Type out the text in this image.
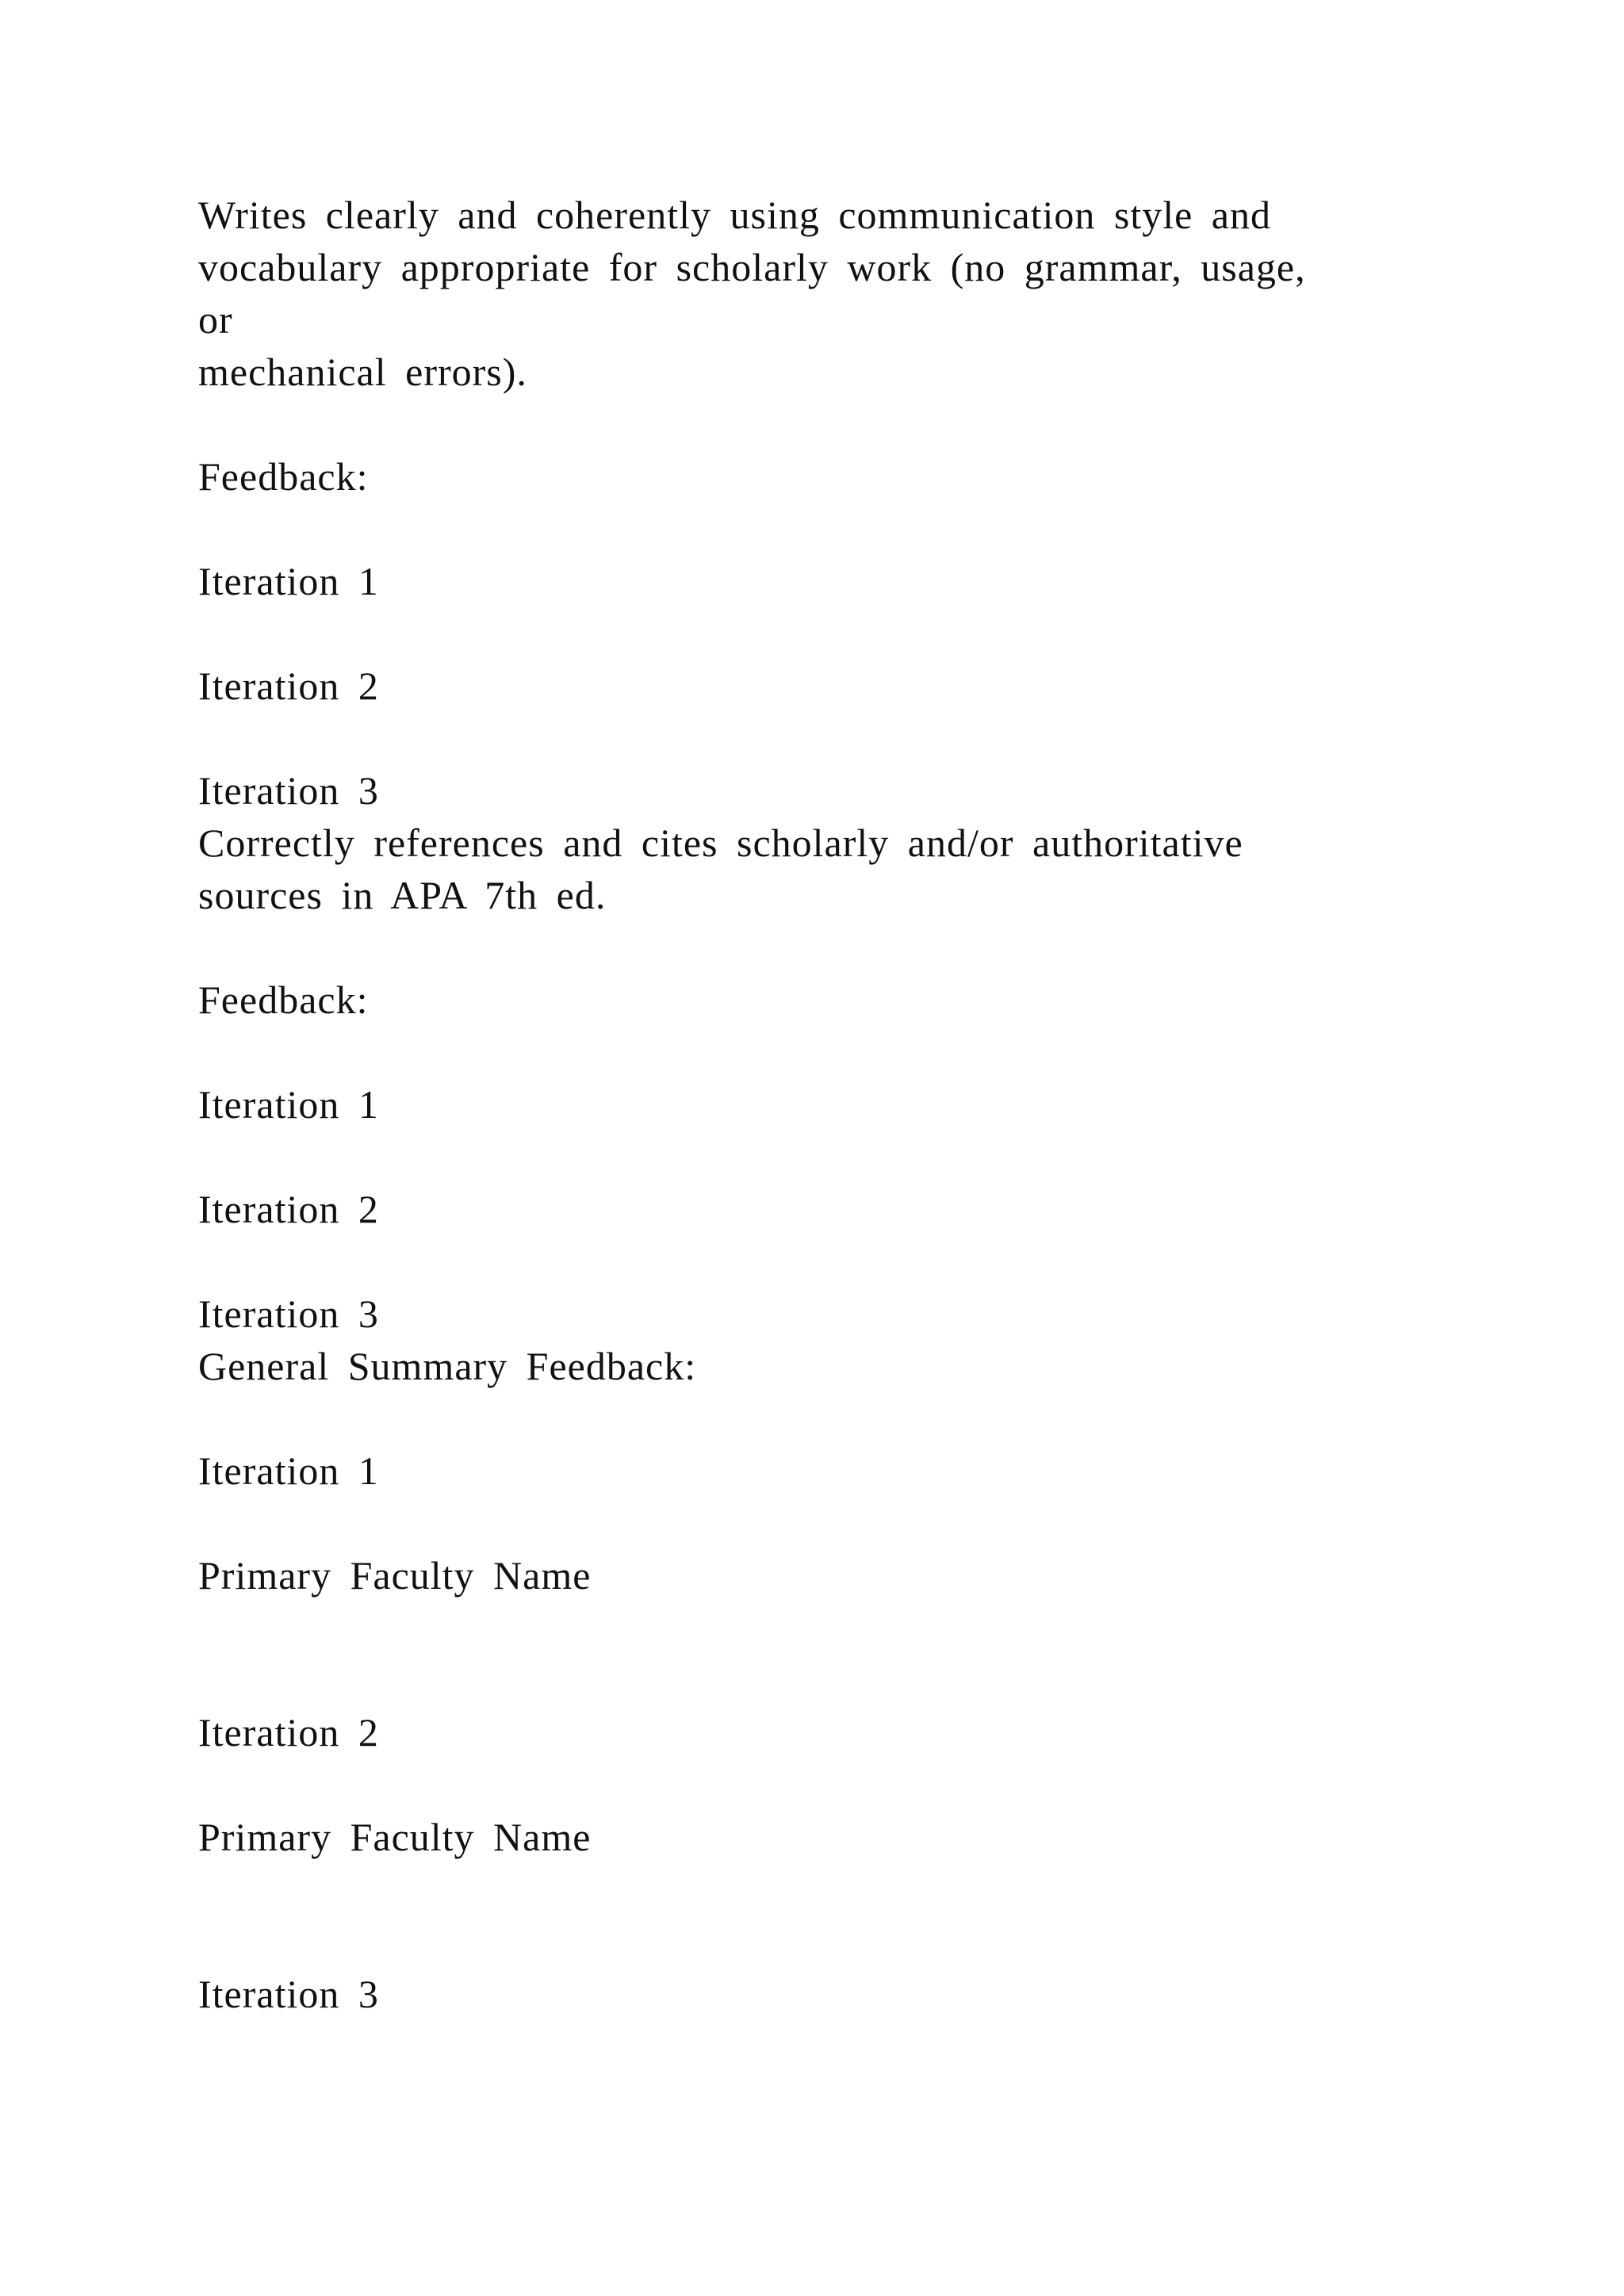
Writes clearly and coherently using communication style and
vocabulary appropriate for scholarly work (no grammar, usage,
or
mechanical errors).
Feedback:
Iteration 1
Iteration 2
Iteration 3
Correctly references and cites scholarly and/or authoritative
sources in APA 7th ed.
Feedback:
Iteration 1
Iteration 2
Iteration 3
General Summary Feedback:
Iteration 1
Primary Faculty Name
Iteration 2
Primary Faculty Name
Iteration 3
